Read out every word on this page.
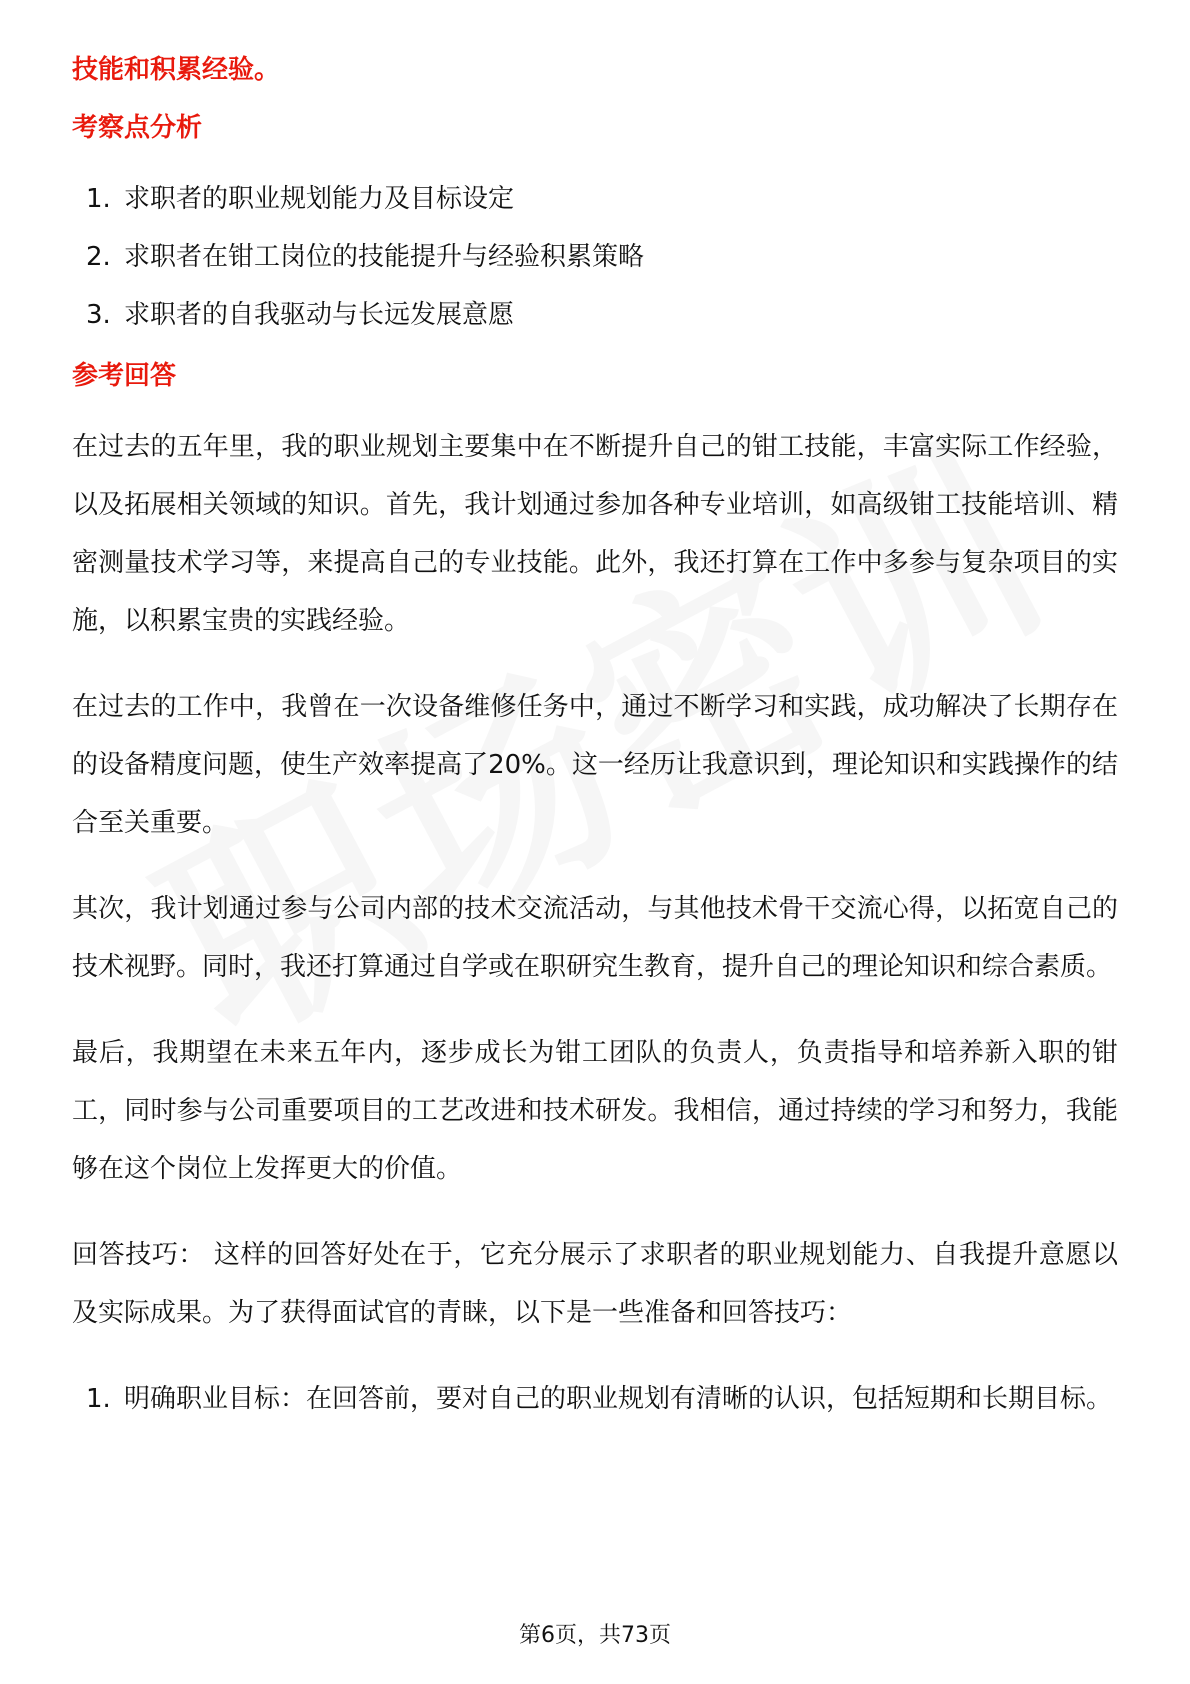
技能和积累经验。

考察点分析

1. 求职者的职业规划能力及目标设定
2. 求职者在钳工岗位的技能提升与经验积累策略
3. 求职者的自我驱动与长远发展意愿

参考回答

在过去的五年里，我的职业规划主要集中在不断提升自己的钳工技能，丰富实际工作经验，以及拓展相关领域的知识。首先，我计划通过参加各种专业培训，如高级钳工技能培训、精密测量技术学习等，来提高自己的专业技能。此外，我还打算在工作中多参与复杂项目的实施，以积累宝贵的实践经验。

在过去的工作中，我曾在一次设备维修任务中，通过不断学习和实践，成功解决了长期存在的设备精度问题，使生产效率提高了20%。这一经历让我意识到，理论知识和实践操作的结合至关重要。

其次，我计划通过参与公司内部的技术交流活动，与其他技术骨干交流心得，以拓宽自己的技术视野。同时，我还打算通过自学或在职研究生教育，提升自己的理论知识和综合素质。

最后，我期望在未来五年内，逐步成长为钳工团队的负责人，负责指导和培养新入职的钳工，同时参与公司重要项目的工艺改进和技术研发。我相信，通过持续的学习和努力，我能够在这个岗位上发挥更大的价值。

回答技巧： 这样的回答好处在于，它充分展示了求职者的职业规划能力、自我提升意愿以及实际成果。为了获得面试官的青睐，以下是一些准备和回答技巧：

1. 明确职业目标：在回答前，要对自己的职业规划有清晰的认识，包括短期和长期目标。
第6页，共73页
